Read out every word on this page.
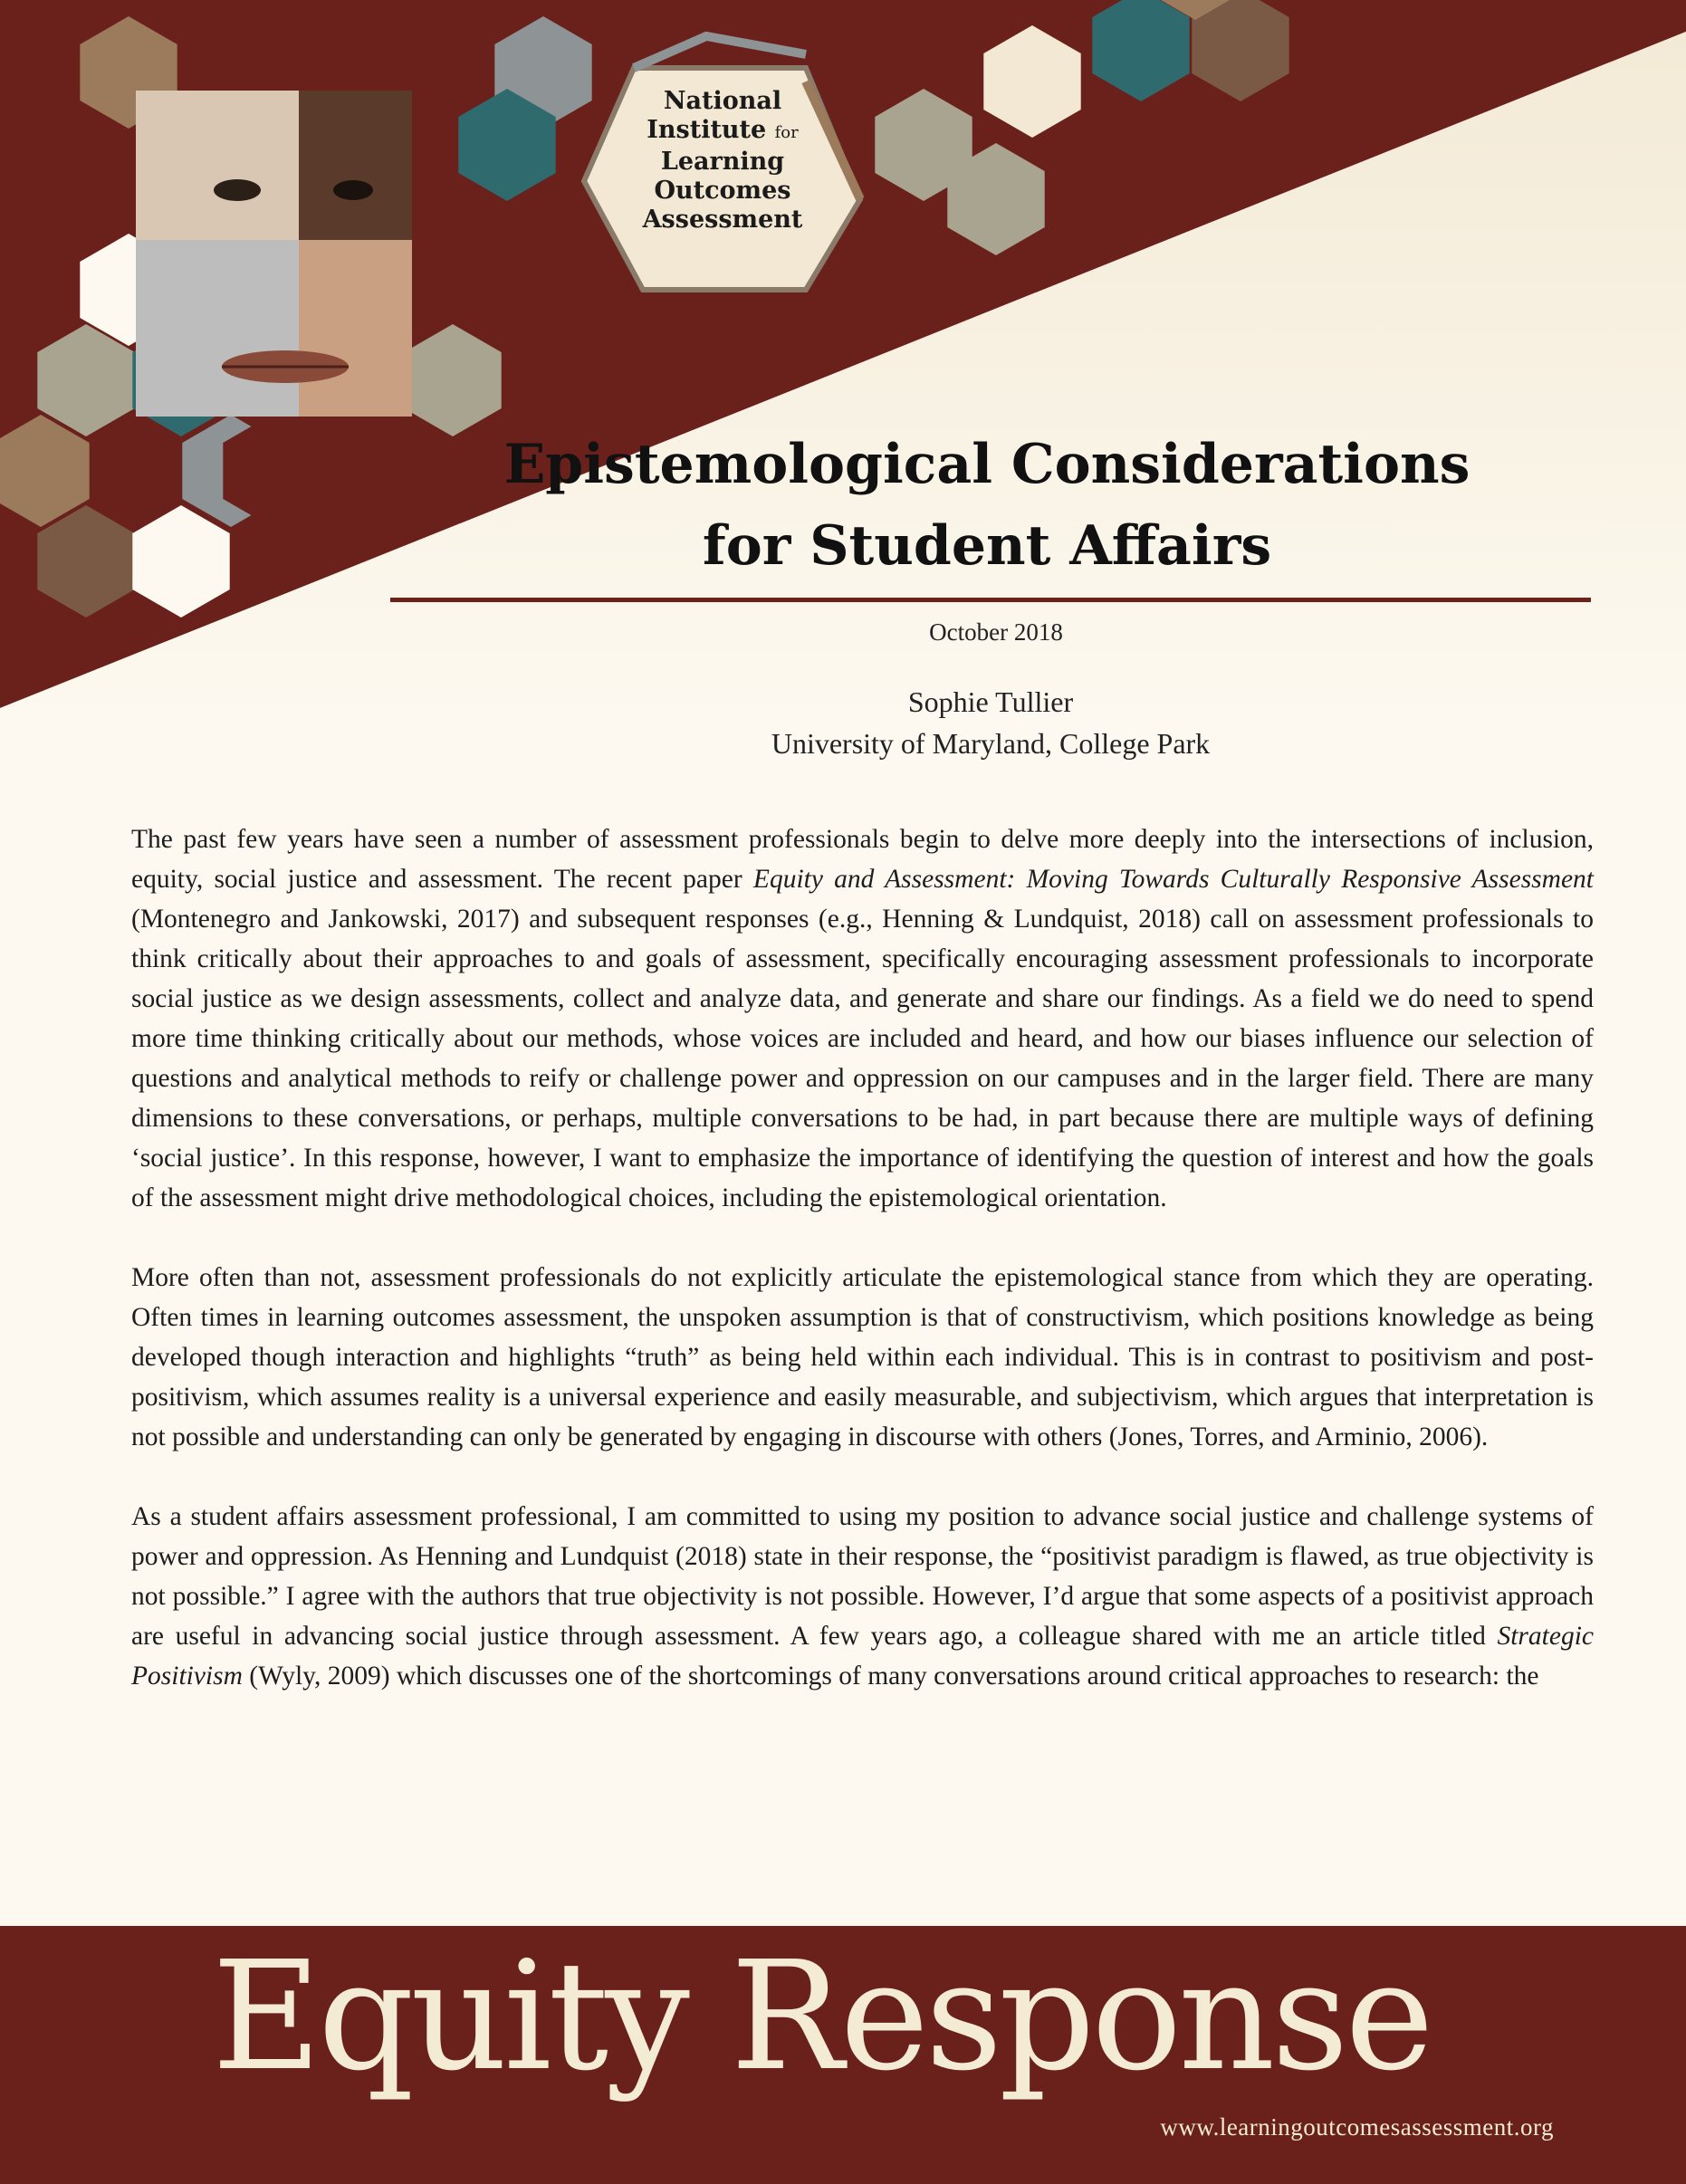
National
Institute for
Learning Outcomes
Assessment
Epistemological Considerations
for Student Affairs
October 2018
Sophie Tullier
University of Maryland, College Park

The past few years have seen a number of assessment professionals begin to delve more deeply into the intersections of inclusion, equity, social justice and assessment. The recent paper Equity and Assessment: Moving Towards Culturally Responsive Assessment (Montenegro and Jankowski, 2017) and subsequent responses (e.g., Henning & Lundquist, 2018) call on assessment professionals to think critically about their approaches to and goals of assessment, specifically encouraging assessment professionals to incorporate social justice as we design assessments, collect and analyze data, and generate and share our findings. As a field we do need to spend more time thinking critically about our methods, whose voices are included and heard, and how our biases influence our selection of questions and analytical methods to reify or challenge power and oppression on our campuses and in the larger field. There are many dimensions to these conversations, or perhaps, multiple conversations to be had, in part because there are multiple ways of defining ‘social justice’. In this response, however, I want to emphasize the importance of identifying the question of interest and how the goals of the assessment might drive methodological choices, including the epistemological orientation.

More often than not, assessment professionals do not explicitly articulate the epistemological stance from which they are operating. Often times in learning outcomes assessment, the unspoken assumption is that of constructivism, which positions knowledge as being developed though interaction and highlights “truth” as being held within each individual. This is in contrast to positivism and post-positivism, which assumes reality is a universal experience and easily measurable, and subjectivism, which argues that interpretation is not possible and understanding can only be generated by engaging in discourse with others (Jones, Torres, and Arminio, 2006).

As a student affairs assessment professional, I am committed to using my position to advance social justice and challenge systems of power and oppression. As Henning and Lundquist (2018) state in their response, the “positivist paradigm is flawed, as true objectivity is not possible.” I agree with the authors that true objectivity is not possible. However, I’d argue that some aspects of a positivist approach are useful in advancing social justice through assessment. A few years ago, a colleague shared with me an article titled Strategic Positivism (Wyly, 2009) which discusses one of the shortcomings of many conversations around critical approaches to research: the

Equity Response
www.learningoutcomesassessment.org
